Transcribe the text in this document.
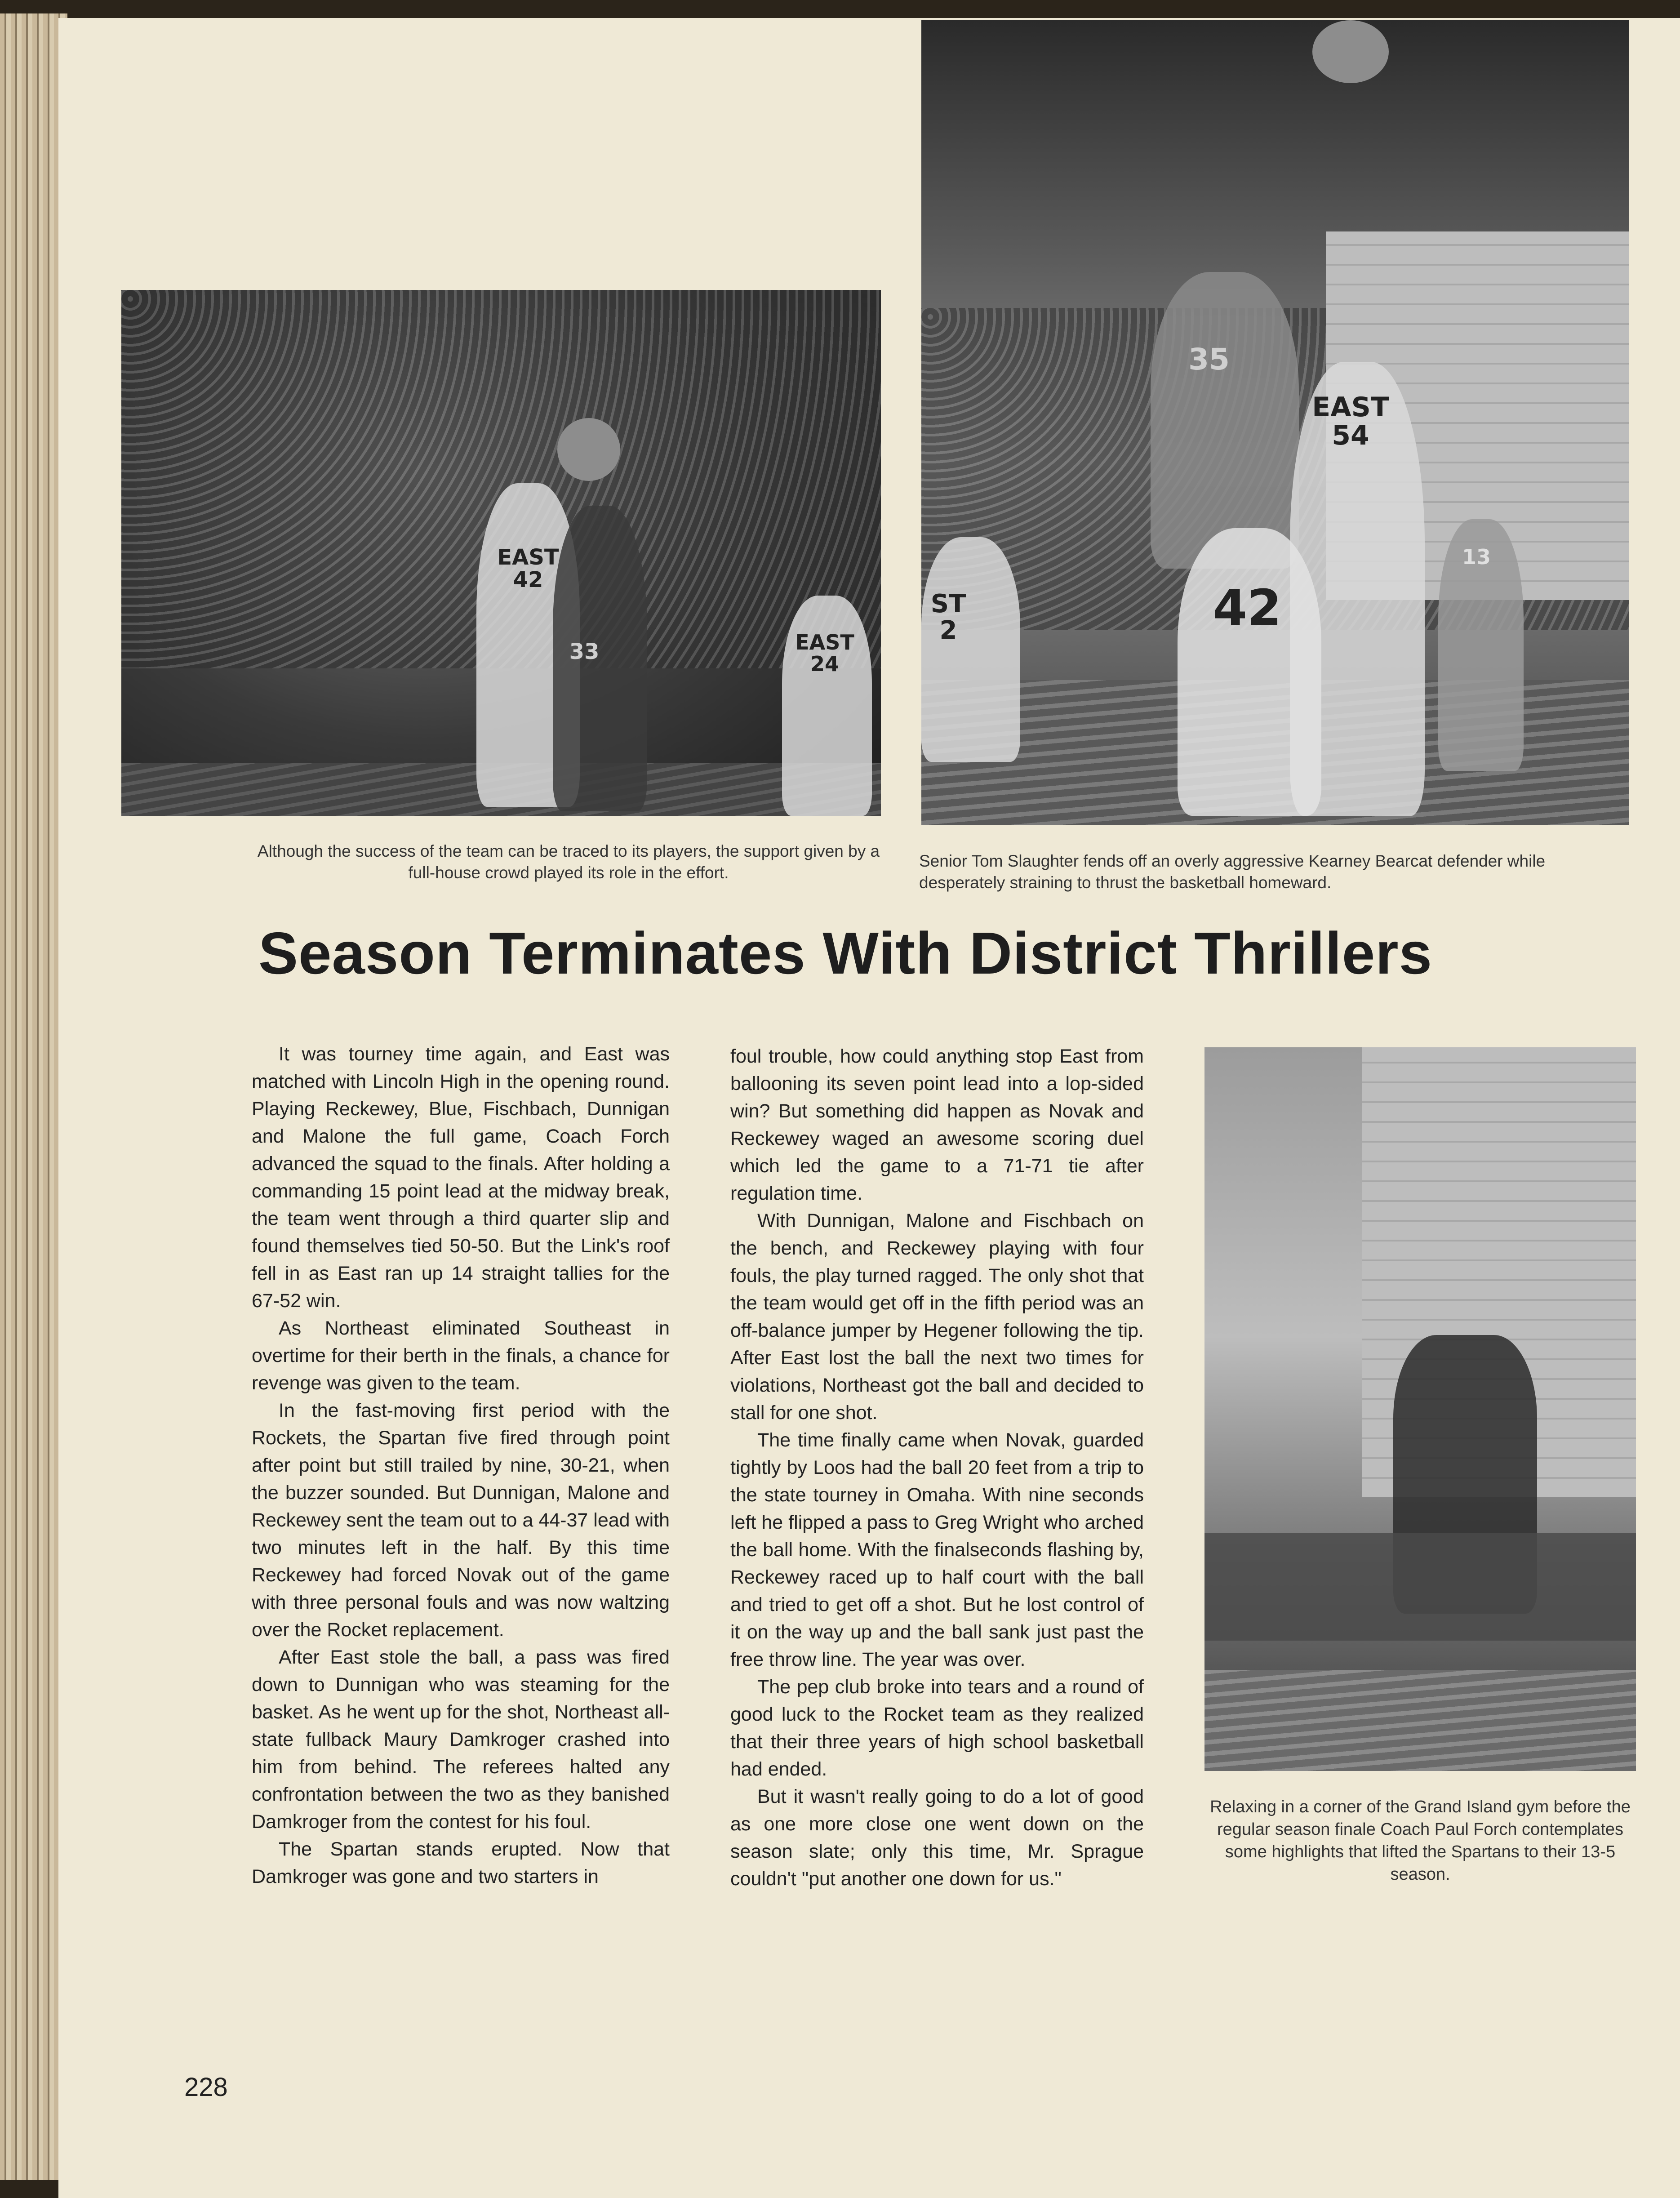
EAST 42
33	EAST 24
35
EAST 54
42
ST 2
13
Although the success of the team can be traced to its players, the support given by a full-house crowd played its role in the effort.
Senior Tom Slaughter fends off an overly aggressive Kearney Bearcat defender while desperately straining to thrust the basketball homeward.
Season Terminates With District Thrillers

It was tourney time again, and East was matched with Lincoln High in the opening round. Playing Reckewey, Blue, Fischbach, Dunnigan and Malone the full game, Coach Forch advanced the squad to the finals. After holding a commanding 15 point lead at the midway break, the team went through a third quarter slip and found themselves tied 50-50. But the Link's roof fell in as East ran up 14 straight tallies for the 67-52 win.

As Northeast eliminated Southeast in overtime for their berth in the finals, a chance for revenge was given to the team.

In the fast-moving first period with the Rockets, the Spartan five fired through point after point but still trailed by nine, 30-21, when the buzzer sounded. But Dunnigan, Malone and Reckewey sent the team out to a 44-37 lead with two minutes left in the half. By this time Reckewey had forced Novak out of the game with three personal fouls and was now waltzing over the Rocket replacement.

After East stole the ball, a pass was fired down to Dunnigan who was steaming for the basket. As he went up for the shot, Northeast all-state fullback Maury Damkroger crashed into him from behind. The referees halted any confrontation between the two as they banished Damkroger from the contest for his foul.

The Spartan stands erupted. Now that Damkroger was gone and two starters in

foul trouble, how could anything stop East from ballooning its seven point lead into a lop-sided win? But something did happen as Novak and Reckewey waged an awesome scoring duel which led the game to a 71-71 tie after regulation time.

With Dunnigan, Malone and Fischbach on the bench, and Reckewey playing with four fouls, the play turned ragged. The only shot that the team would get off in the fifth period was an off-balance jumper by Hegener following the tip. After East lost the ball the next two times for violations, Northeast got the ball and decided to stall for one shot.

The time finally came when Novak, guarded tightly by Loos had the ball 20 feet from a trip to the state tourney in Omaha. With nine seconds left he flipped a pass to Greg Wright who arched the ball home. With the finalseconds flashing by, Reckewey raced up to half court with the ball and tried to get off a shot. But he lost control of it on the way up and the ball sank just past the free throw line. The year was over.

The pep club broke into tears and a round of good luck to the Rocket team as they realized that their three years of high school basketball had ended.

But it wasn't really going to do a lot of good as one more close one went down on the season slate; only this time, Mr. Sprague couldn't "put another one down for us."

Relaxing in a corner of the Grand Island gym before the regular season finale Coach Paul Forch contemplates some highlights that lifted the Spartans to their 13-5 season.
228
